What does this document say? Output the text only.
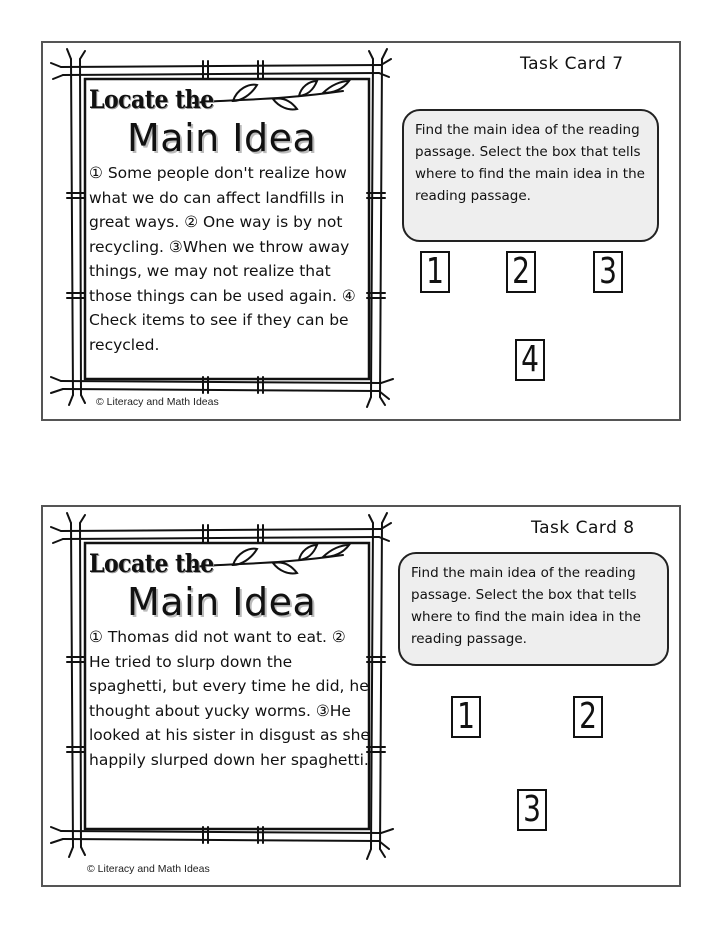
Task Card 7
Locate the
Main Idea
① Some people don't realize how what we do can affect landfills in great ways. ② One way is by not recycling. ③When we throw away things, we may not realize that those things can be used again. ④ Check items to see if they can be recycled.
© Literacy and Math Ideas
Find the main idea of the reading passage. Select the box that tells where to find the main idea in the reading passage.
1 2 3
4
Task Card 8
Locate the
Main Idea
① Thomas did not want to eat. ② He tried to slurp down the spaghetti, but every time he did, he thought about yucky worms. ③He looked at his sister in disgust as she happily slurped down her spaghetti.
© Literacy and Math Ideas
Find the main idea of the reading passage. Select the box that tells where to find the main idea in the reading passage.
1	2
3
